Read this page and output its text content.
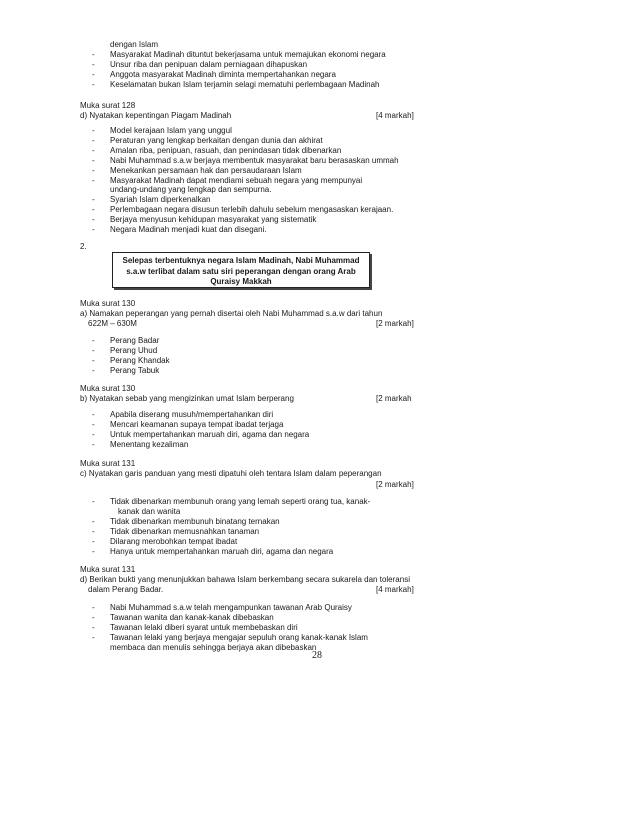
dengan Islam
- Masyarakat Madinah dituntut bekerjasama untuk memajukan ekonomi negara
- Unsur riba dan penipuan dalam perniagaan dihapuskan
- Anggota masyarakat Madinah diminta mempertahankan negara
- Keselamatan bukan Islam terjamin selagi mematuhi perlembagaan Madinah
Muka surat 128
d) Nyatakan kepentingan Piagam Madinah	[4 markah]
- Model kerajaan Islam yang unggul
- Peraturan yang lengkap berkaitan dengan dunia dan akhirat
- Amalan riba, penipuan, rasuah, dan penindasan tidak dibenarkan
- Nabi Muhammad s.a.w berjaya membentuk masyarakat baru berasaskan ummah
- Menekankan persamaan hak dan persaudaraan Islam
- Masyarakat Madinah dapat mendiami sebuah negara yang mempunyai
undang-undang yang lengkap dan sempurna.
- Syariah Islam diperkenalkan
- Perlembagaan negara disusun terlebih dahulu sebelum mengasaskan kerajaan.
- Berjaya menyusun kehidupan masyarakat yang sistematik
- Negara Madinah menjadi kuat dan disegani.
2.
Selepas terbentuknya negara Islam Madinah, Nabi Muhammad
s.a.w terlibat dalam satu siri peperangan dengan orang Arab
Quraisy Makkah
Muka surat 130
a) Namakan peperangan yang pernah disertai oleh Nabi Muhammad s.a.w dari tahun
622M – 630M	[2 markah]
- Perang Badar
- Perang Uhud
- Perang Khandak
- Perang Tabuk
Muka surat 130
b) Nyatakan sebab yang mengizinkan umat Islam berperang	[2 markah
- Apabila diserang musuh/mempertahankan diri
- Mencari keamanan supaya tempat ibadat terjaga
- Untuk mempertahankan maruah diri, agama dan negara
- Menentang kezaliman
Muka surat 131
c) Nyatakan garis panduan yang mesti dipatuhi oleh tentara Islam dalam peperangan
[2 markah]
- Tidak dibenarkan membunuh orang yang lemah seperti orang tua, kanak-
kanak dan wanita
- Tidak dibenarkan membunuh binatang ternakan
- Tidak dibenarkan memusnahkan tanaman
- Dilarang merobohkan tempat ibadat
- Hanya untuk mempertahankan maruah diri, agama dan negara
Muka surat 131
d) Berikan bukti yang menunjukkan bahawa Islam berkembang secara sukarela dan toleransi
dalam Perang Badar.	[4 markah]
- Nabi Muhammad s.a.w telah mengampunkan tawanan Arab Quraisy
- Tawanan wanita dan kanak-kanak dibebaskan
- Tawanan lelaki diberi syarat untuk membebaskan diri
- Tawanan lelaki yang berjaya mengajar sepuluh orang kanak-kanak Islam
membaca dan menulis sehingga berjaya akan dibebaskan
28
